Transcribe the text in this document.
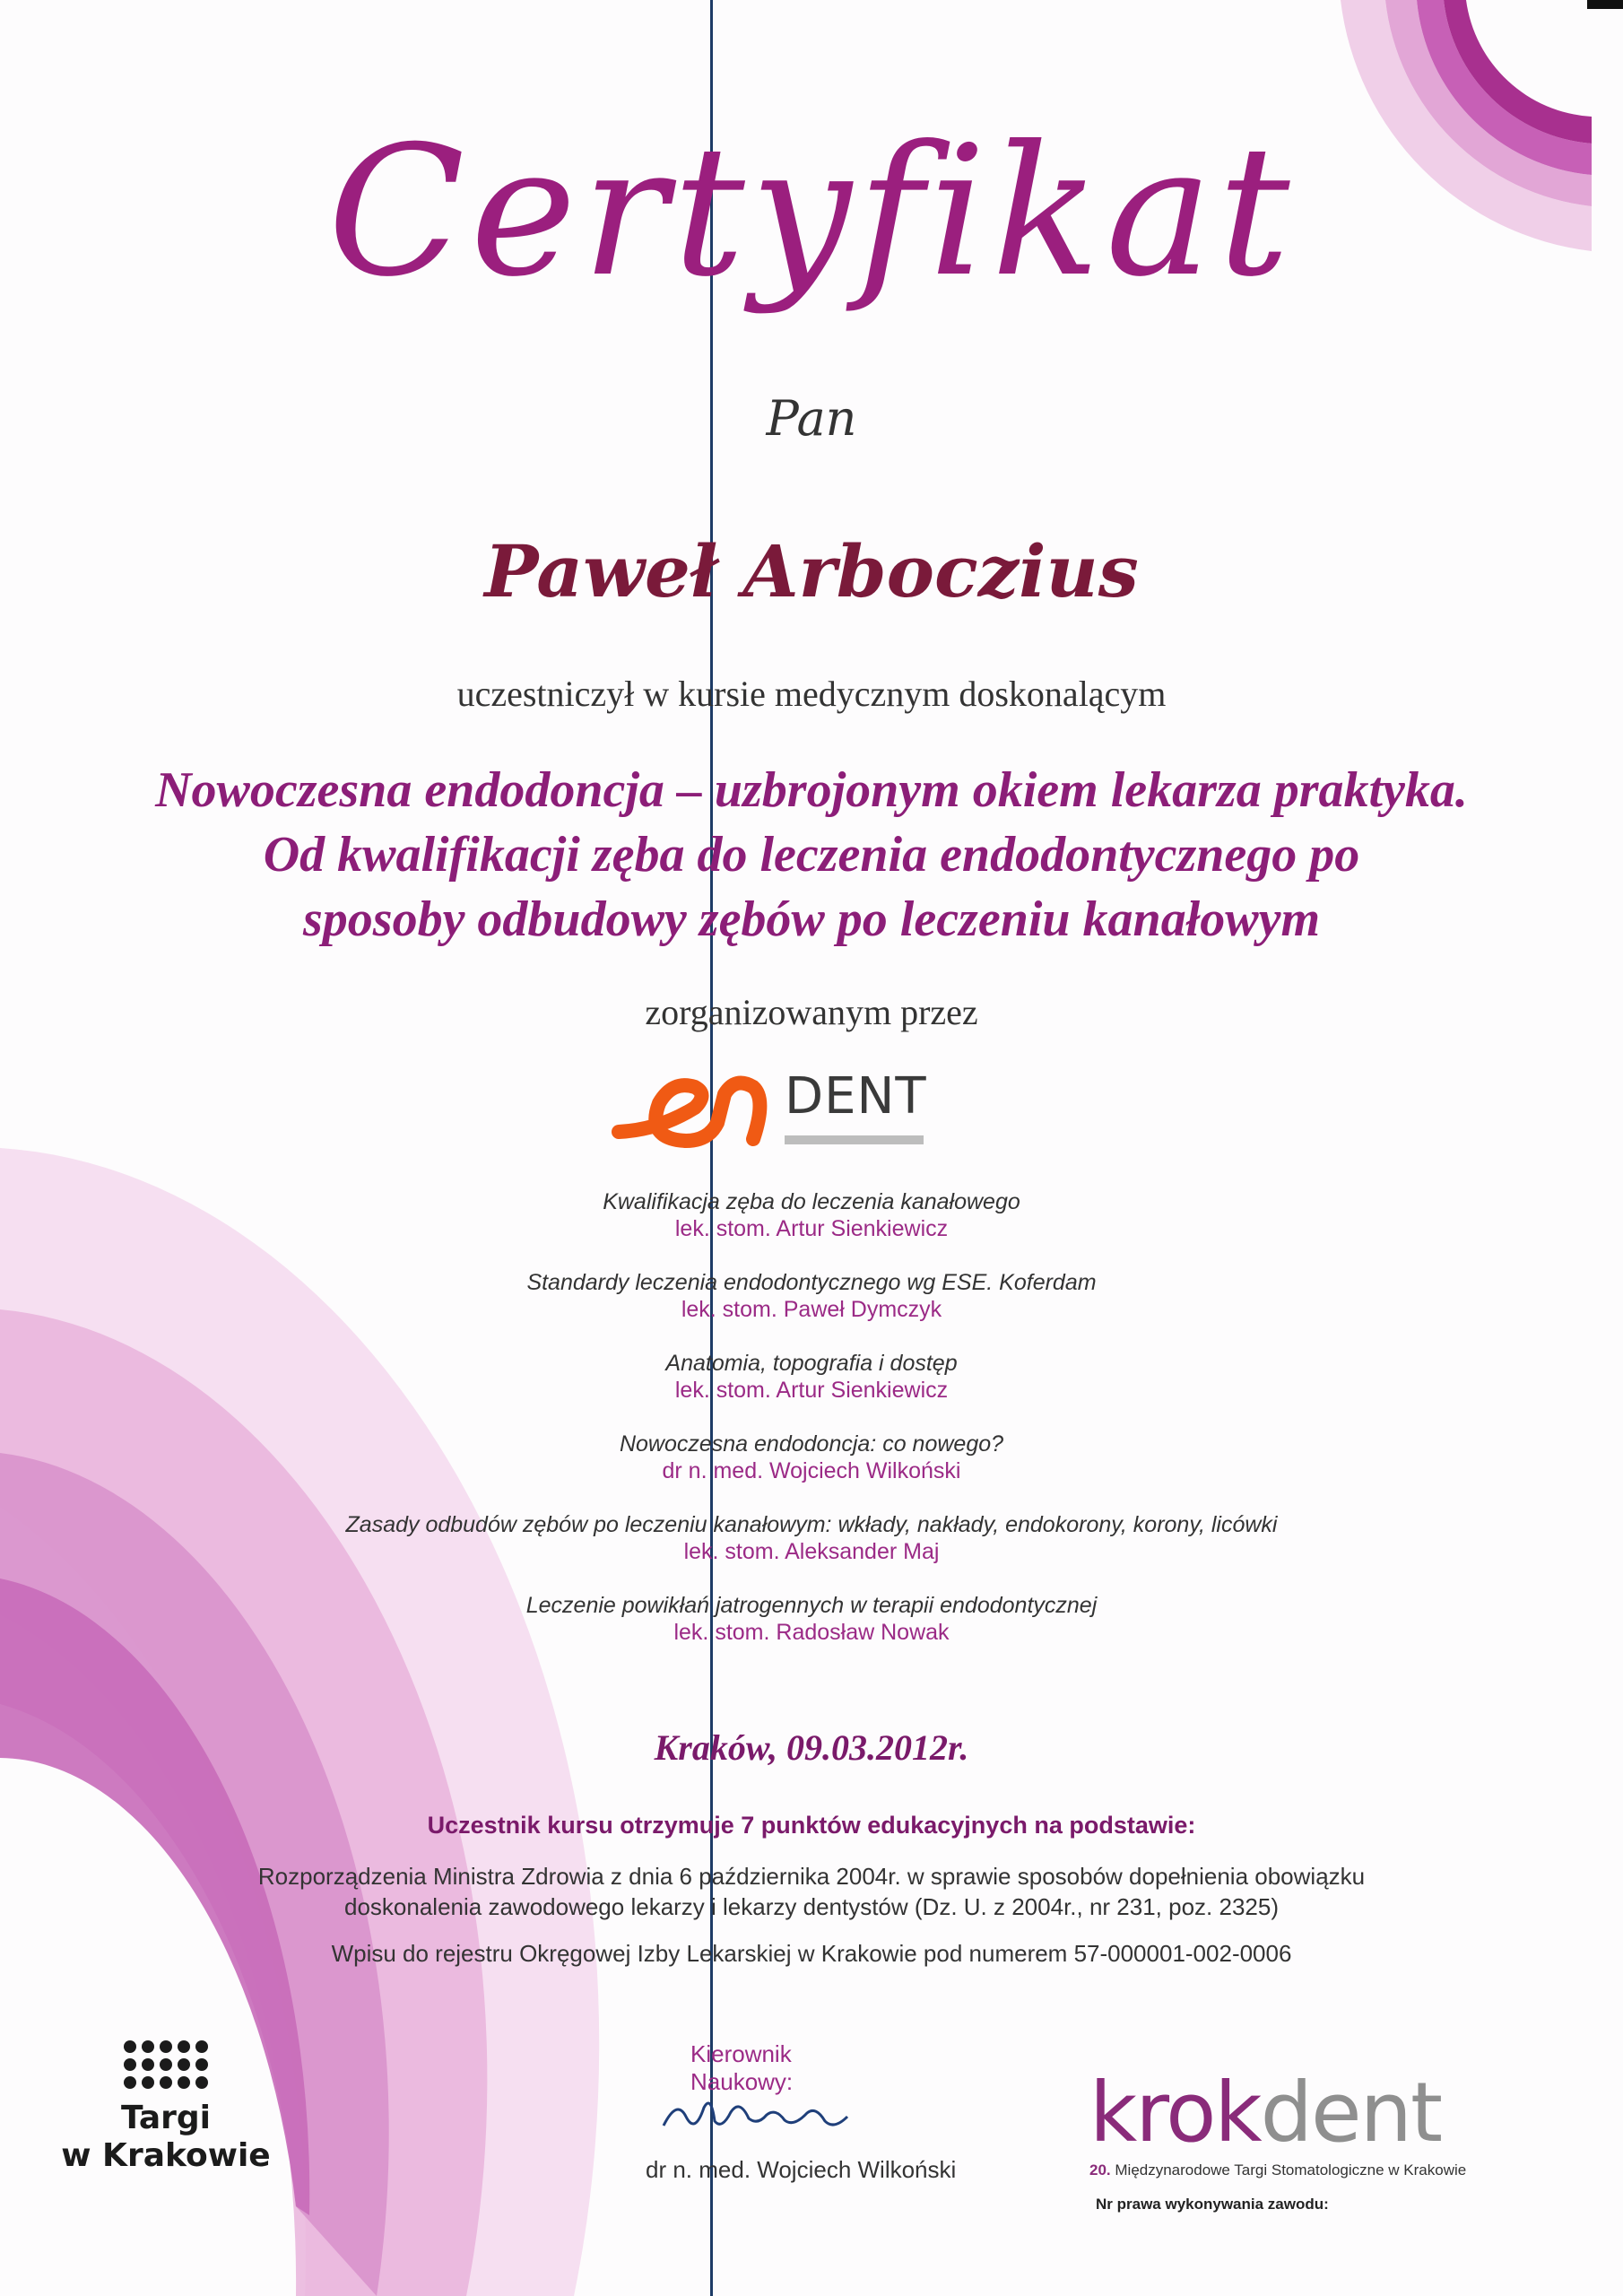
Certyfikat
Pan
Paweł Arboczius
uczestniczył w kursie medycznym doskonalącym
Nowoczesna endodoncja – uzbrojonym okiem lekarza praktyka.
Od kwalifikacji zęba do leczenia endodontycznego po
sposoby odbudowy zębów po leczeniu kanałowym
zorganizowanym przez
DENT
Kwalifikacja zęba do leczenia kanałowego
lek. stom. Artur Sienkiewicz
Standardy leczenia endodontycznego wg ESE. Koferdam
lek. stom. Paweł Dymczyk
Anatomia, topografia i dostęp
lek. stom. Artur Sienkiewicz
Nowoczesna endodoncja: co nowego?
dr n. med. Wojciech Wilkoński
Zasady odbudów zębów po leczeniu kanałowym: wkłady, nakłady, endokorony, korony, licówki
lek. stom. Aleksander Maj
Leczenie powikłań jatrogennych w terapii endodontycznej
lek. stom. Radosław Nowak
Kraków, 09.03.2012r.
Uczestnik kursu otrzymuje 7 punktów edukacyjnych na podstawie:
Rozporządzenia Ministra Zdrowia z dnia 6 października 2004r. w sprawie sposobów dopełnienia obowiązku
doskonalenia zawodowego lekarzy i lekarzy dentystów (Dz. U. z 2004r., nr 231, poz. 2325)
Wpisu do rejestru Okręgowej Izby Lekarskiej w Krakowie pod numerem 57-000001-002-0006
Kierownik Naukowy:
dr n. med. Wojciech Wilkoński
Targi
w Krakowie	krokdent
20. Międzynarodowe Targi Stomatologiczne w Krakowie
Nr prawa wykonywania zawodu:
